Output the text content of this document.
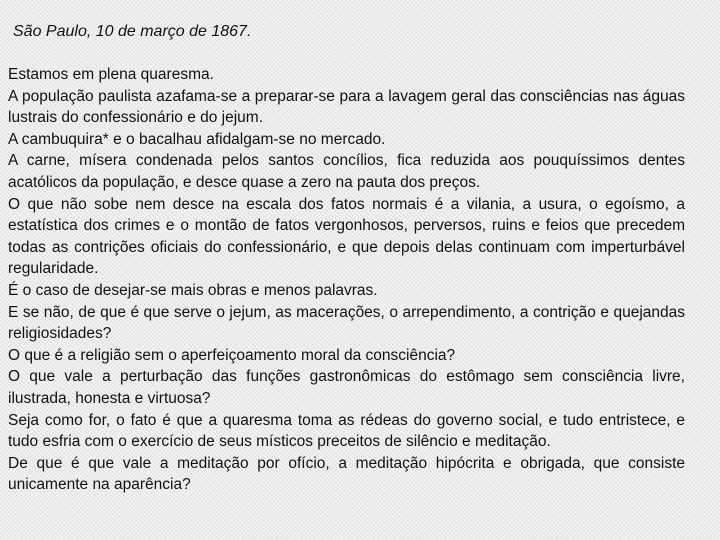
São Paulo, 10 de março de 1867.

Estamos em plena quaresma.

A população paulista azafama-se a preparar-se para a lavagem geral das consciências nas águas lustrais do confessionário e do jejum.

A cambuquira* e o bacalhau afidalgam-se no mercado.

A carne, mísera condenada pelos santos concílios, fica reduzida aos pouquíssimos dentes acatólicos da população, e desce quase a zero na pauta dos preços.

O que não sobe nem desce na escala dos fatos normais é a vilania, a usura, o egoísmo, a estatística dos crimes e o montão de fatos vergonhosos, perversos, ruins e feios que precedem todas as contrições oficiais do confessionário, e que depois delas continuam com imperturbável regularidade.

É o caso de desejar-se mais obras e menos palavras.

E se não, de que é que serve o jejum, as macerações, o arrependimento, a contrição e quejandas religiosidades?

O que é a religião sem o aperfeiçoamento moral da consciência?

O que vale a perturbação das funções gastronômicas do estômago sem consciência livre, ilustrada, honesta e virtuosa?

Seja como for, o fato é que a quaresma toma as rédeas do governo social, e tudo entristece, e tudo esfria com o exercício de seus místicos preceitos de silêncio e meditação.

De que é que vale a meditação por ofício, a meditação hipócrita e obrigada, que consiste unicamente na aparência?
